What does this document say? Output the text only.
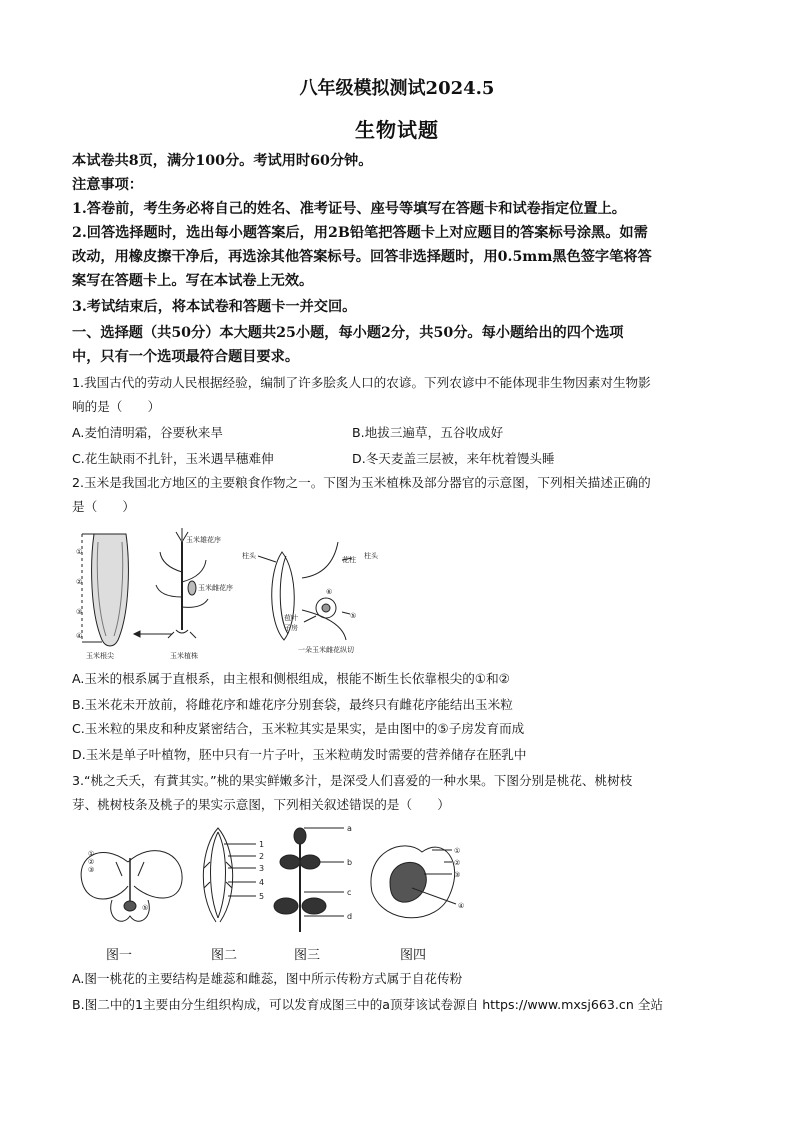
八年级模拟测试2024.5
生物试题
本试卷共8页，满分100分。考试用时60分钟。
注意事项：
1.答卷前，考生务必将自己的姓名、准考证号、座号等填写在答题卡和试卷指定位置上。
2.回答选择题时，选出每小题答案后，用2B铅笔把答题卡上对应题目的答案标号涂黑。如需
改动，用橡皮擦干净后，再选涂其他答案标号。回答非选择题时，用0.5mm黑色签字笔将答
案写在答题卡上。写在本试卷上无效。
3.考试结束后，将本试卷和答题卡一并交回。
一、选择题（共50分）本大题共25小题，每小题2分，共50分。每小题给出的四个选项
中，只有一个选项最符合题目要求。
1.我国古代的劳动人民根据经验，编制了许多脍炙人口的农谚。下列农谚中不能体现非生物因素对生物影
响的是（　　）
A.麦怕清明霜，谷要秋来旱	B.地拔三遍草，五谷收成好
C.花生缺雨不扎针，玉米遇旱穗难伸	D.冬天麦盖三层被，来年枕着馒头睡
2.玉米是我国北方地区的主要粮食作物之一。下图为玉米植株及部分器官的示意图，下列相关描述正确的
是（　　）
①
②
③
④
⑥
⑤
玉米根尖	玉米植株
玉米雄花序
玉米雌花序
柱头	花柱 柱头
苞叶
子房
一朵玉米雌花纵切
A.玉米的根系属于直根系，由主根和侧根组成，根能不断生长依靠根尖的①和②
B.玉米花未开放前，将雌花序和雄花序分别套袋，最终只有雌花序能结出玉米粒
C.玉米粒的果皮和种皮紧密结合，玉米粒其实是果实，是由图中的⑤子房发育而成
D.玉米是单子叶植物，胚中只有一片子叶，玉米粒萌发时需要的营养储存在胚乳中
3.“桃之夭夭，有蕡其实。”桃的果实鲜嫩多汁，是深受人们喜爱的一种水果。下图分别是桃花、桃树枝
芽、桃树枝条及桃子的果实示意图，下列相关叙述错误的是（　　）
①
②
③
⑤
①
②
③
④
1
2
3
4
5
a
b
c
d
图一	图二	图三	图四
A.图一桃花的主要结构是雄蕊和雌蕊，图中所示传粉方式属于自花传粉
B.图二中的1主要由分生组织构成，可以发育成图三中的a顶芽该试卷源自 https://www.mxsj663.cn 全站
